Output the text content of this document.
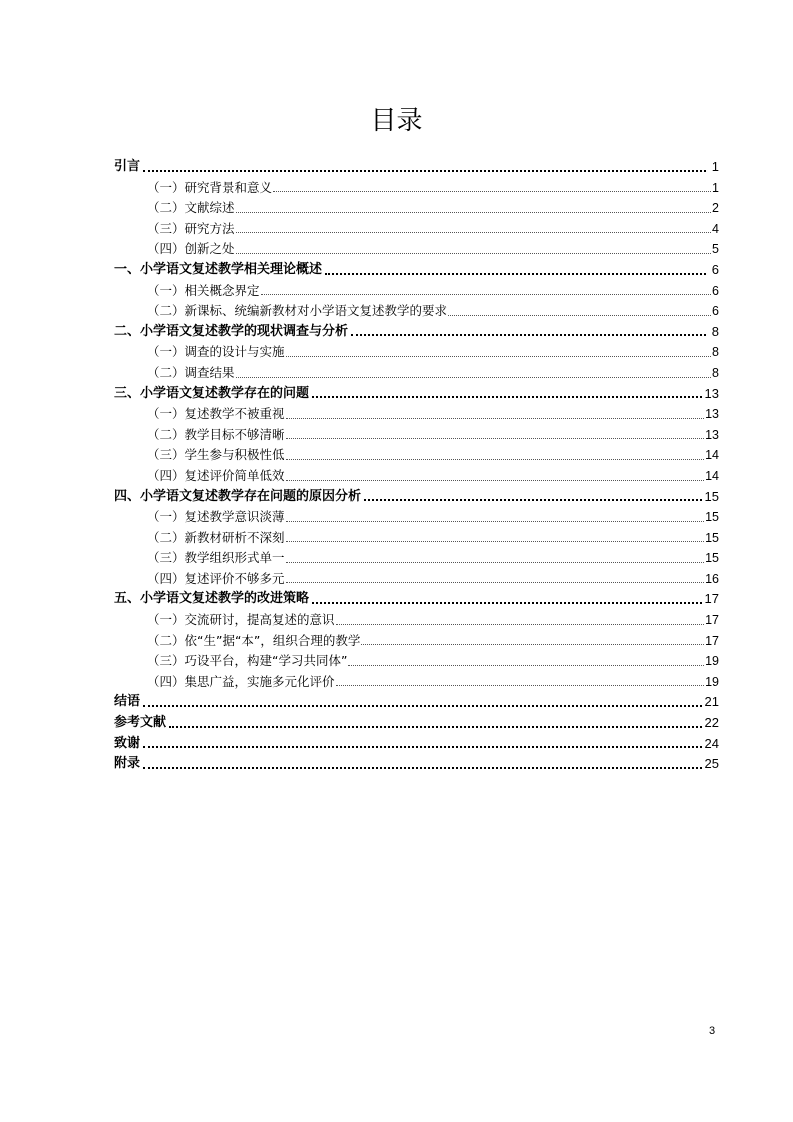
目录
引言	1
（一）研究背景和意义	1
（二）文献综述	2
（三）研究方法	4
（四）创新之处	5
一、小学语文复述教学相关理论概述	6
（一）相关概念界定	6
（二）新课标、统编新教材对小学语文复述教学的要求	6
二、小学语文复述教学的现状调查与分析	8
（一）调查的设计与实施	8
（二）调查结果	8
三、小学语文复述教学存在的问题	13
（一）复述教学不被重视	13
（二）教学目标不够清晰	13
（三）学生参与积极性低	14
（四）复述评价简单低效	14
四、小学语文复述教学存在问题的原因分析	15
（一）复述教学意识淡薄	15
（二）新教材研析不深刻	15
（三）教学组织形式单一	15
（四）复述评价不够多元	16
五、小学语文复述教学的改进策略	17
（一）交流研讨，提高复述的意识	17
（二）依“生”据“本”，组织合理的教学	17
（三）巧设平台，构建“学习共同体”	19
（四）集思广益，实施多元化评价	19
结语	21
参考文献	22
致谢	24
附录	25
3
